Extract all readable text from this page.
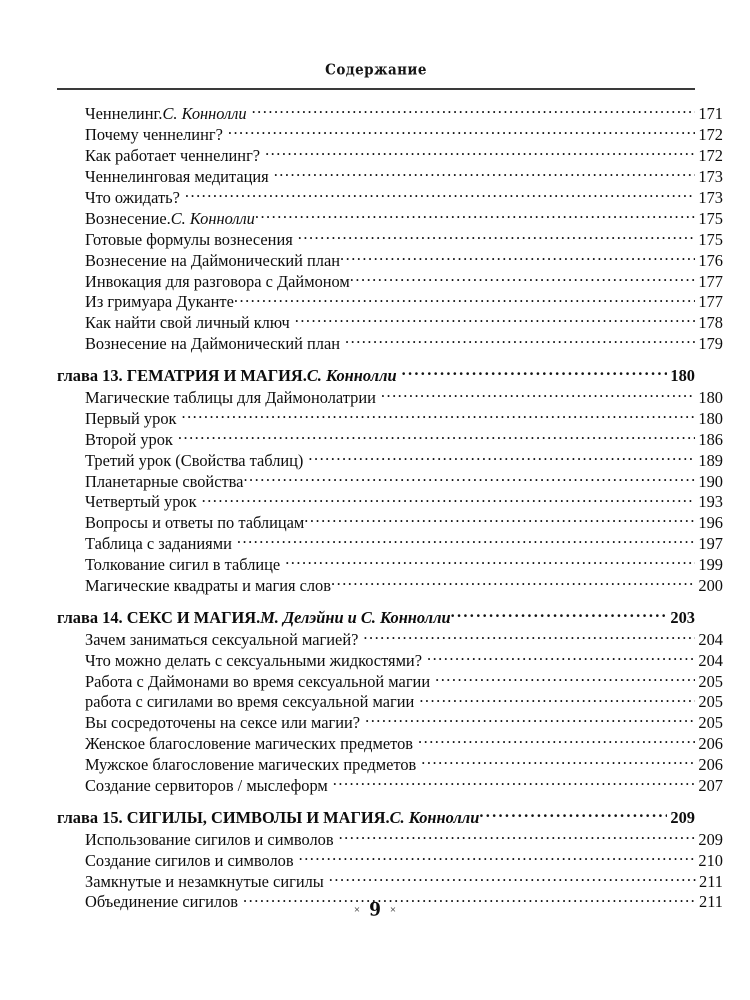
Содержание
Ченнелинг. С. Коннолли . . .	171
Почему ченнелинг? . . .	172
Как работает ченнелинг? . . .	172
Ченнелинговая медитация . . .	173
Что ожидать? . . .	173
Вознесение. С. Коннолли . . .	175
Готовые формулы вознесения . . .	175
Вознесение на Даймонический план . . .	176
Инвокация для разговора с Даймоном . . .	177
Из гримуара Дуканте . . .	177
Как найти свой личный ключ . . .	178
Вознесение на Даймонический план . . .	179
глава 13. ГЕМАТРИЯ И МАГИЯ. С. Коннолли . . .	180
Магические таблицы для Даймонолатрии . . .	180
Первый урок . . .	180
Второй урок . . .	186
Третий урок (Свойства таблиц) . . .	189
Планетарные свойства . . .	190
Четвертый урок . . .	193
Вопросы и ответы по таблицам . . .	196
Таблица с заданиями . . .	197
Толкование сигил в таблице . . .	199
Магические квадраты и магия слов . . .	200
глава 14. СЕКС И МАГИЯ. М. Делэйни и С. Коннолли . . .	203
Зачем заниматься сексуальной магией? . . .	204
Что можно делать с сексуальными жидкостями? . . .	204
Работа с Даймонами во время сексуальной магии . . .	205
работа с сигилами во время сексуальной магии . . .	205
Вы сосредоточены на сексе или магии? . . .	205
Женское благословение магических предметов . . .	206
Мужское благословение магических предметов . . .	206
Создание сервиторов / мыслеформ . . .	207
глава 15. СИГИЛЫ, СИМВОЛЫ И МАГИЯ. С. Коннолли . . .	209
Использование сигилов и символов . . .	209
Создание сигилов и символов . . .	210
Замкнутые и незамкнутые сигилы . . .	211
Объединение сигилов . . .	211
× 9 ×
